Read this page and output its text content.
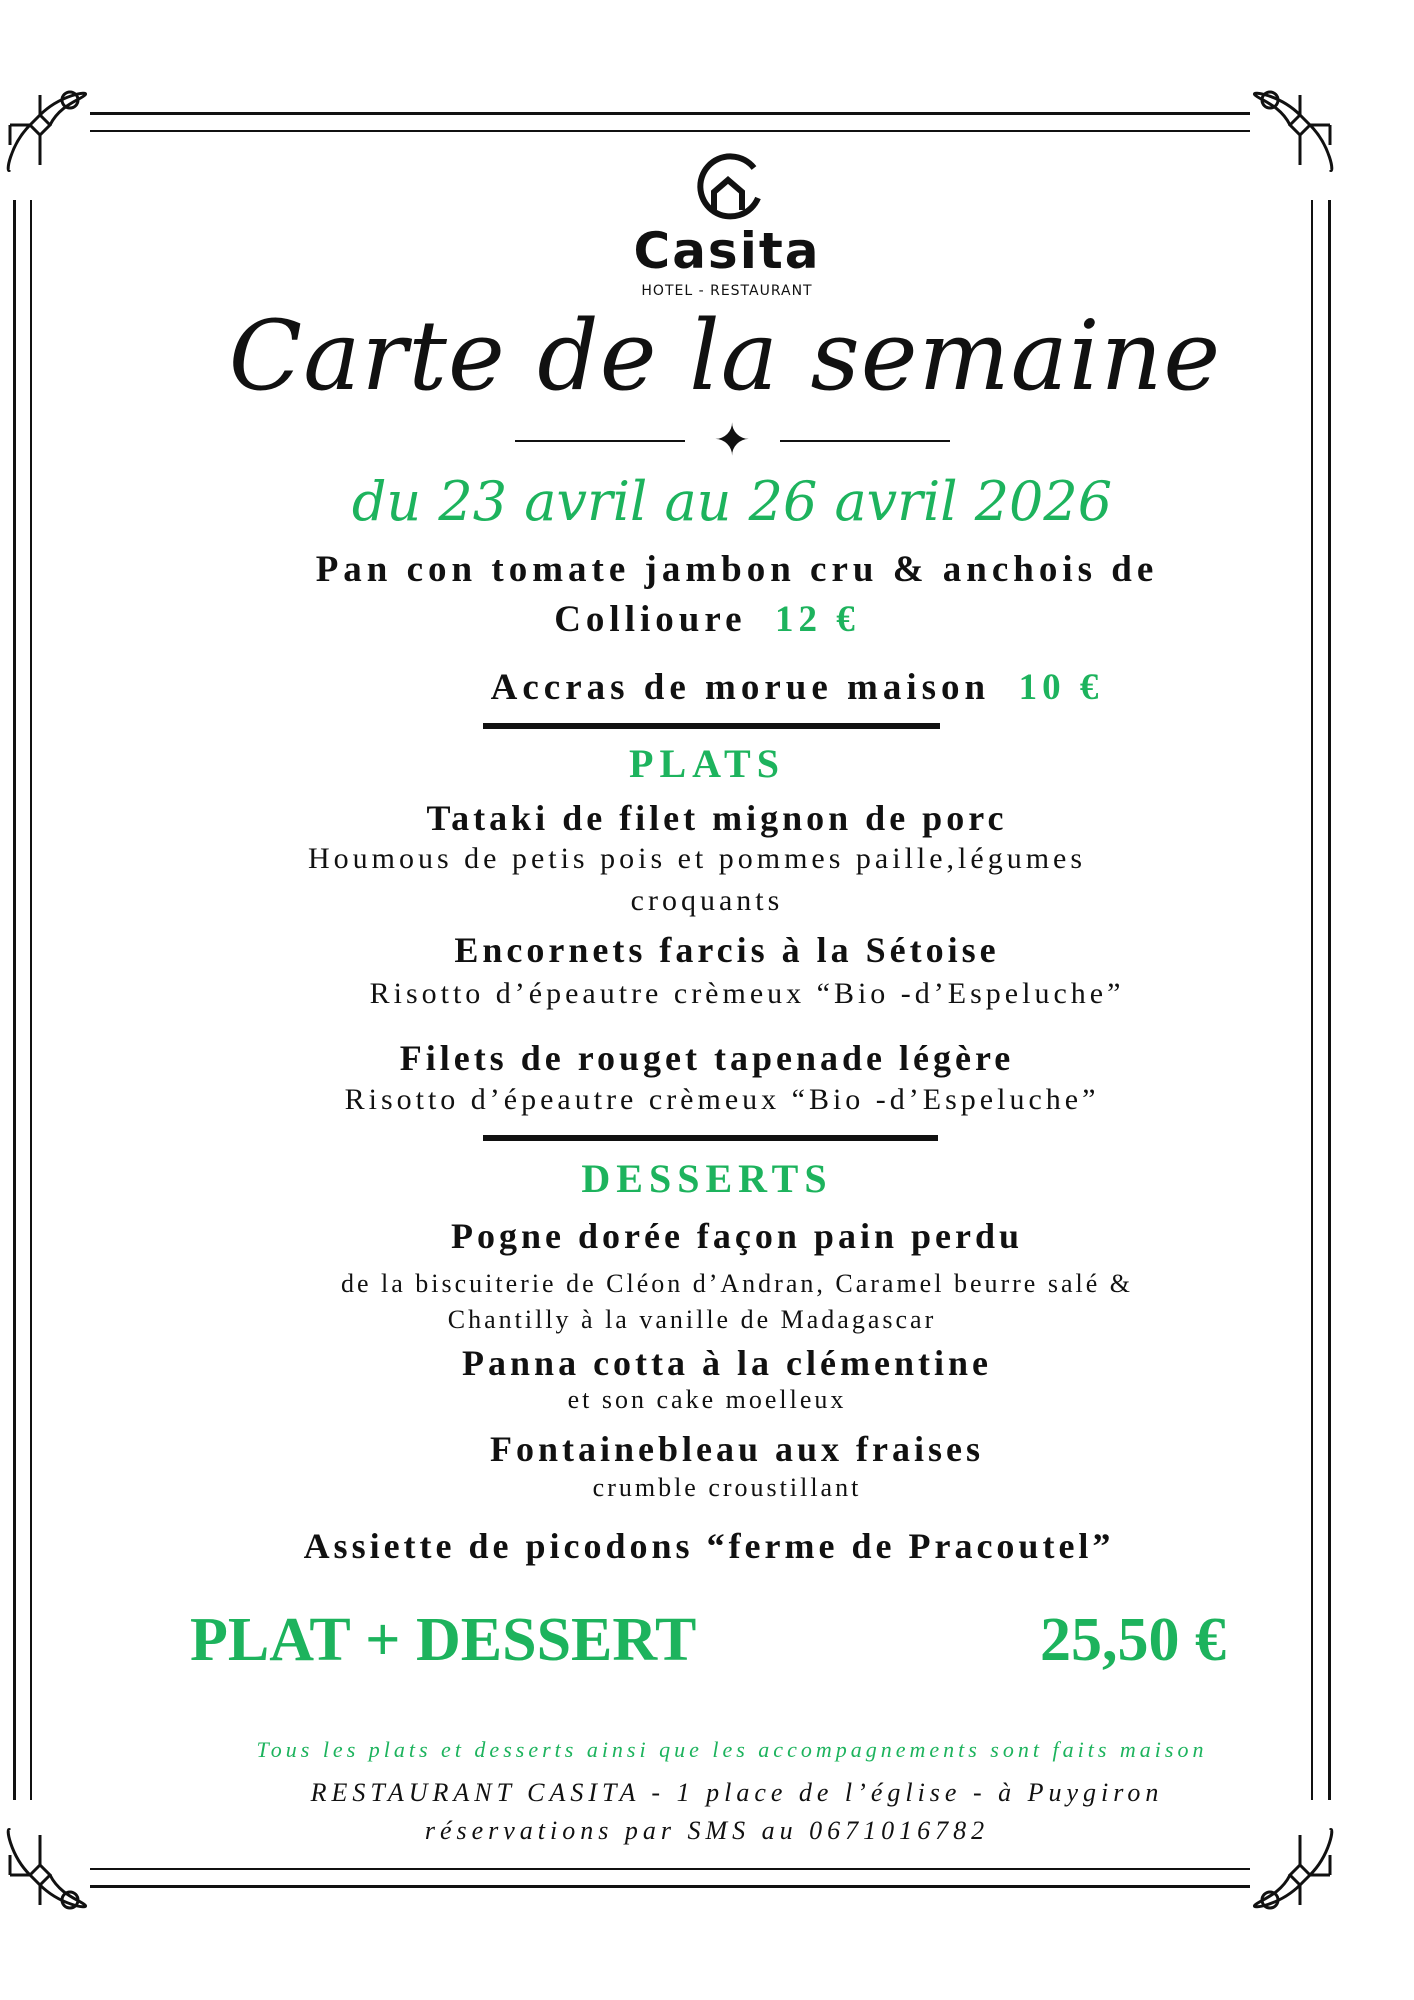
Casita
HOTEL - RESTAURANT
Carte de la semaine
✦
du 23 avril au 26 avril 2026
Pan con tomate jambon cru & anchois de
Collioure 12 €
Accras de morue maison 10 €
PLATS
Tataki de filet mignon de porc
Houmous de petis pois et pommes paille,légumes
croquants
Encornets farcis à la Sétoise
Risotto d’épeautre crèmeux “Bio -d’Espeluche”
Filets de rouget tapenade légère
Risotto d’épeautre crèmeux “Bio -d’Espeluche”
DESSERTS
Pogne dorée façon pain perdu
de la biscuiterie de Cléon d’Andran, Caramel beurre salé &
Chantilly à la vanille de Madagascar
Panna cotta à la clémentine
et son cake moelleux
Fontainebleau aux fraises
crumble croustillant
Assiette de picodons “ferme de Pracoutel”
PLAT + DESSERT	25,50 €
Tous les plats et desserts ainsi que les accompagnements sont faits maison
RESTAURANT CASITA - 1 place de l’église - à Puygiron
réservations par SMS au 0671016782
